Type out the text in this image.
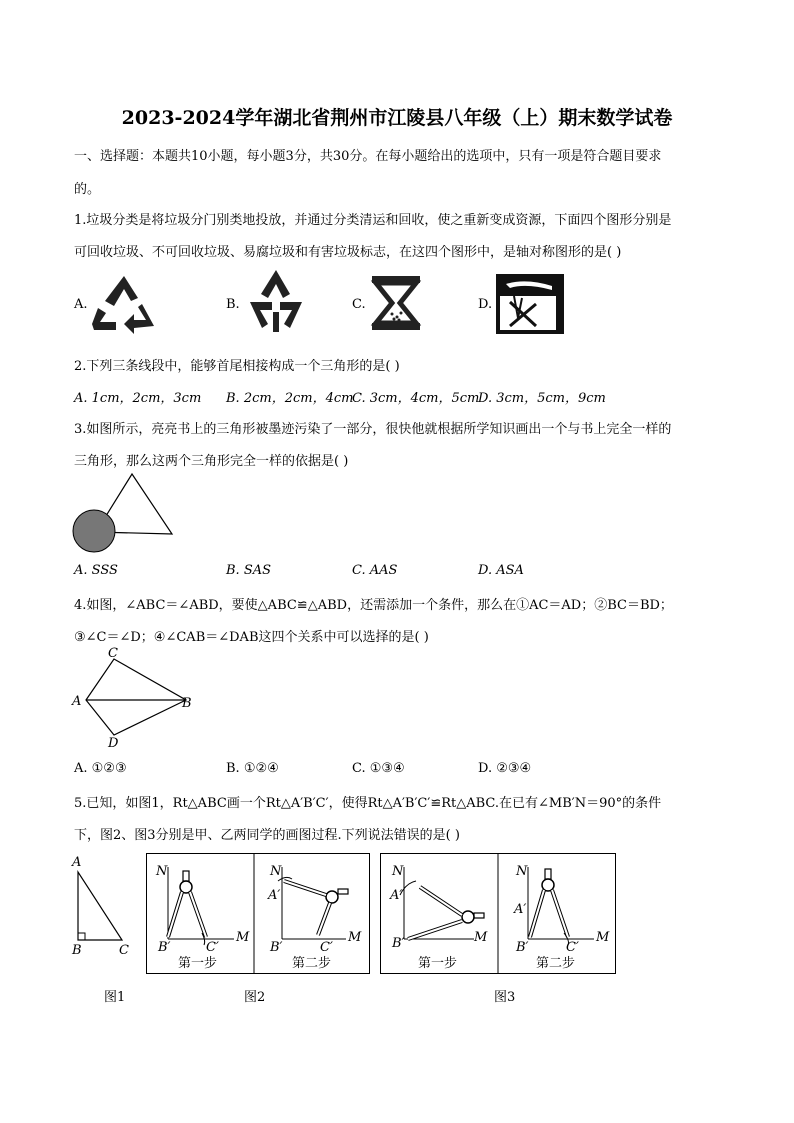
2023-2024学年湖北省荆州市江陵县八年级（上）期末数学试卷
一、选择题：本题共10小题，每小题3分，共30分。在每小题给出的选项中，只有一项是符合题目要求
的。
1.垃圾分类是将垃圾分门别类地投放，并通过分类清运和回收，使之重新变成资源，下面四个图形分别是
可回收垃圾、不可回收垃圾、易腐垃圾和有害垃圾标志，在这四个图形中，是轴对称图形的是( )
A.	B.	C.	D.
2.下列三条线段中，能够首尾相接构成一个三角形的是( )
A. 1cm，2cm，3cm B. 2cm，2cm，4cm
C. 3cm，4cm，5cm
D. 3cm，5cm，9cm
3.如图所示，亮亮书上的三角形被墨迹污染了一部分，很快他就根据所学知识画出一个与书上完全一样的
三角形，那么这两个三角形完全一样的依据是( )
A. SSS	B. SAS	C. AAS	D. ASA
4.如图，∠ABC＝∠ABD，要使△ABC≌△ABD，还需添加一个条件，那么在①AC＝AD；②BC＝BD；
③∠C＝∠D；④∠CAB＝∠DAB这四个关系中可以选择的是( )
C
A	B
D
A. ①②③	B. ①②④	C. ①③④	D. ②③④
5.已知，如图1，Rt△ABC画一个Rt△A′B′C′，使得Rt△A′B′C′≌Rt△ABC.在已有∠MB′N＝90°的条件
下，图2、图3分别是甲、乙两同学的画图过程.下列说法错误的是( )
A
B	C
图1
N
M
B′	C′
N
A′
M
B′	C′
第一步	第二步
图2
N
A′
M
B′
N
A′
M
B′	C′
第一步	第二步
图3
